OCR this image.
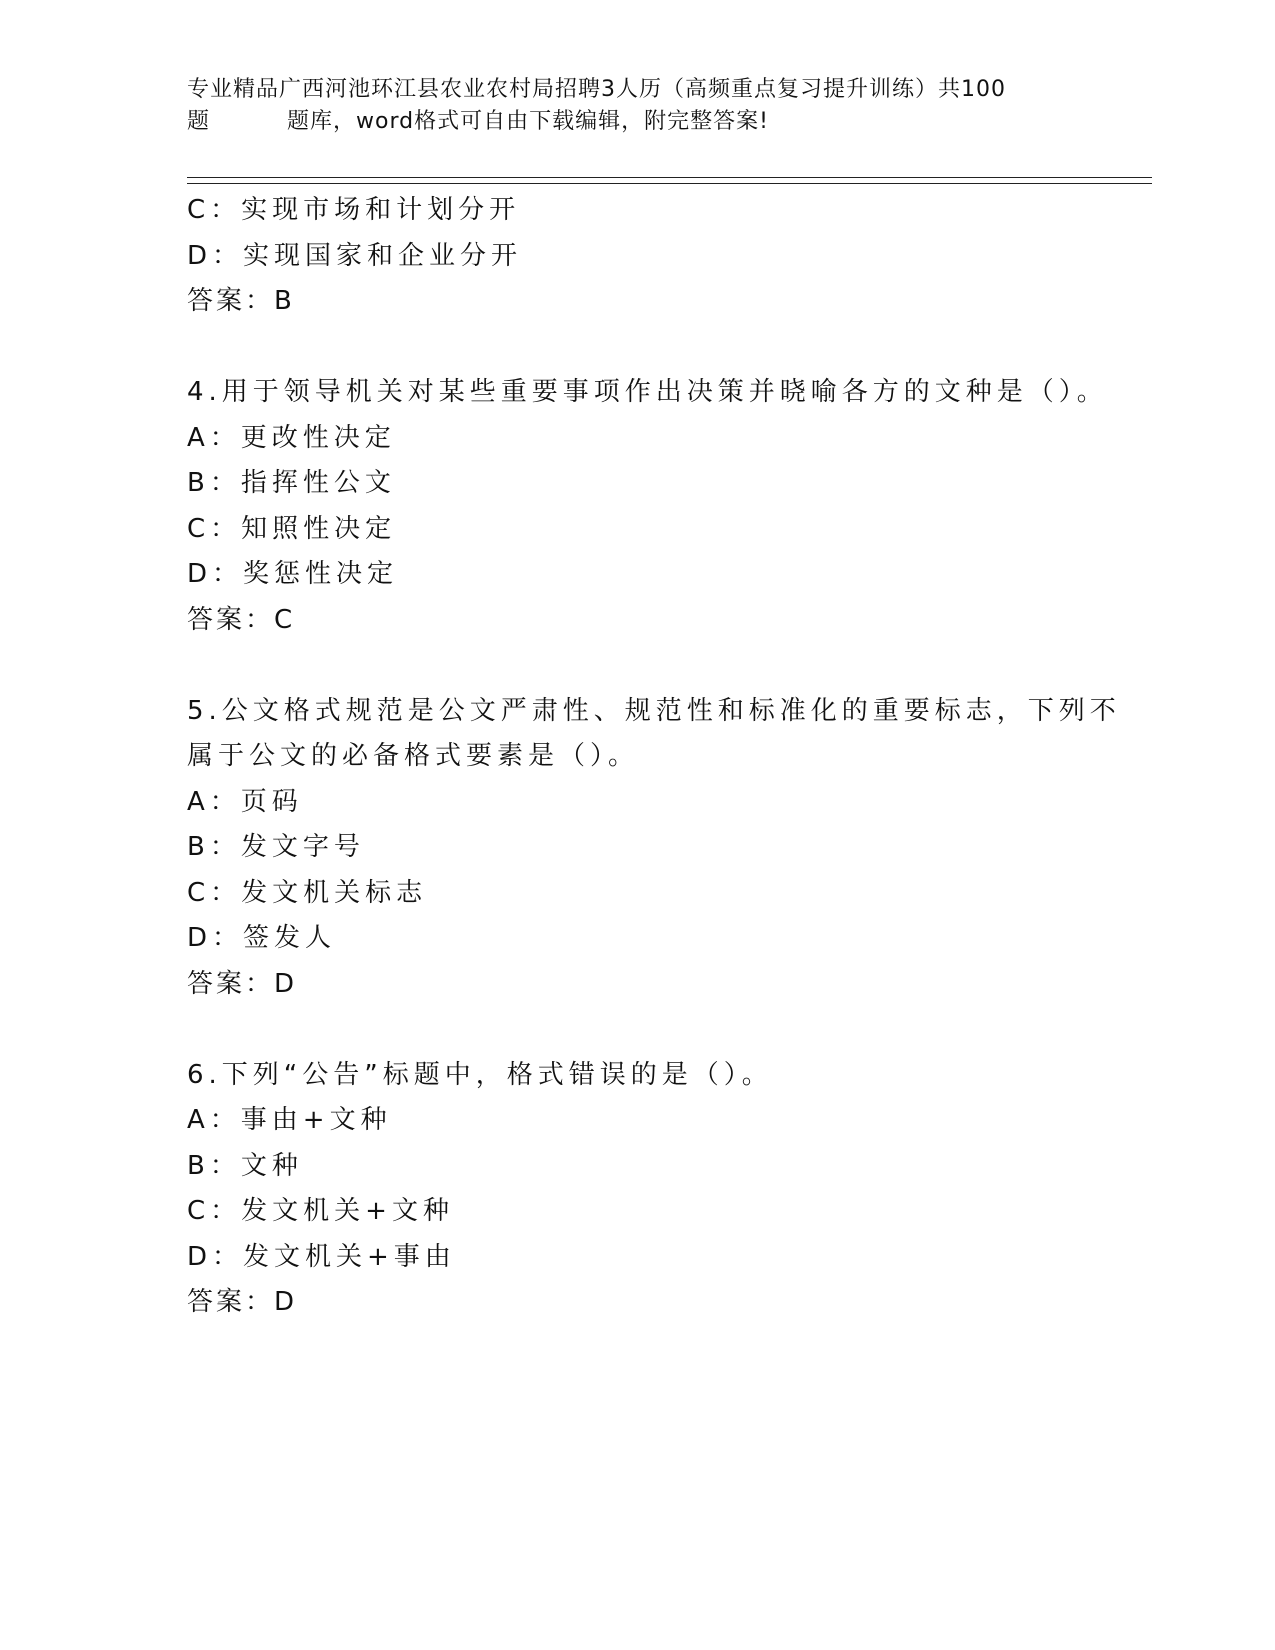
专业精品广西河池环江县农业农村局招聘3人历（高频重点复习提升训练）共100
题	题库，word格式可自由下载编辑，附完整答案!
C：实现市场和计划分开
D：实现国家和企业分开
答案：B
4.用于领导机关对某些重要事项作出决策并晓喻各方的文种是（）。
A：更改性决定
B：指挥性公文
C：知照性决定
D：奖惩性决定
答案：C
5.公文格式规范是公文严肃性、规范性和标准化的重要标志，下列不
属于公文的必备格式要素是（）。
A：页码
B：发文字号
C：发文机关标志
D：签发人
答案：D
6.下列“公告”标题中，格式错误的是（）。
A：事由+文种
B：文种
C：发文机关+文种
D：发文机关+事由
答案：D
